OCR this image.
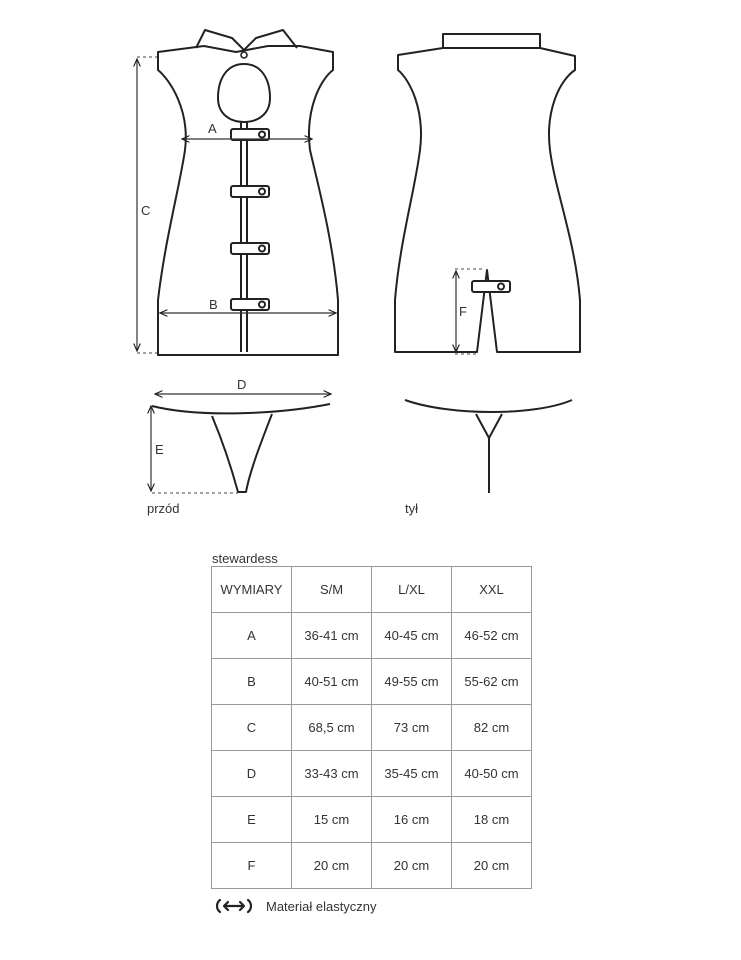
A
B
C
F
D
E
przód	tył
stewardess
WYMIARY	S/M	L/XL	XXL
A	36-41 cm	40-45 cm	46-52 cm
B	40-51 cm	49-55 cm	55-62 cm
C	68,5 cm	73 cm	82 cm
D	33-43 cm	35-45 cm	40-50 cm
E	15 cm	16 cm	18 cm
F	20 cm	20 cm	20 cm
Materiał elastyczny
